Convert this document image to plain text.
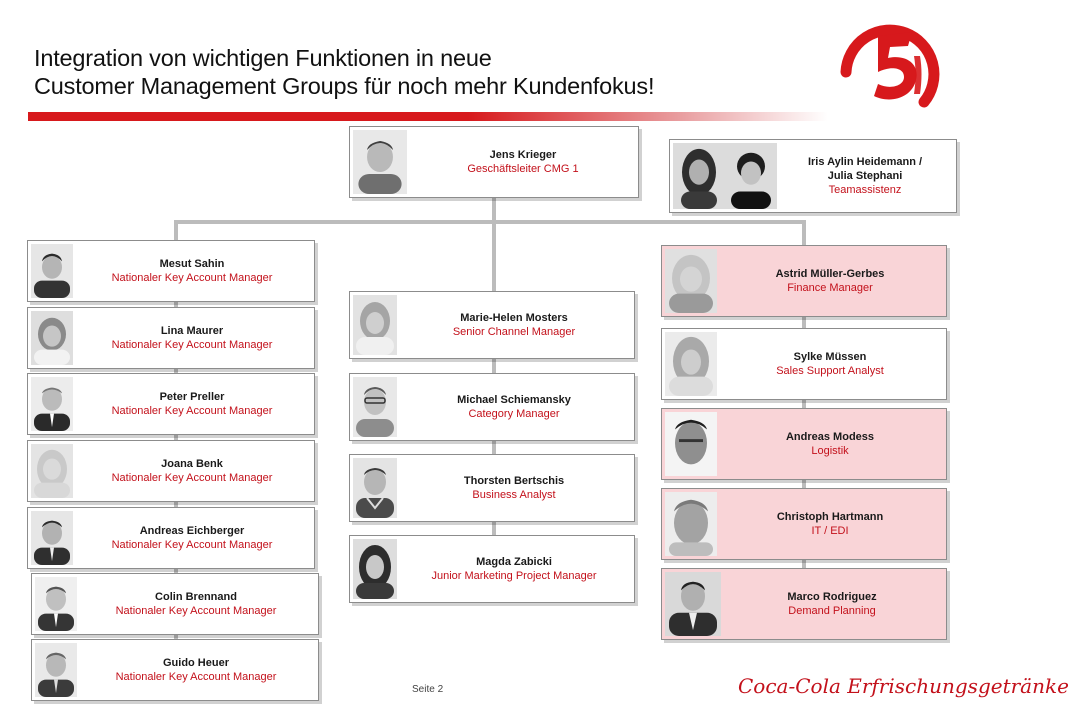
Integration von wichtigen Funktionen in neue
Customer Management Groups für noch mehr Kundenfokus!
Jens Krieger
Geschäftsleiter CMG 1
Iris Aylin Heidemann /
Julia Stephani
Teamassistenz
Mesut Sahin
Nationaler Key Account Manager
Lina Maurer
Nationaler Key Account Manager
Peter Preller
Nationaler Key Account Manager
Joana Benk
Nationaler Key Account Manager
Andreas Eichberger
Nationaler Key Account Manager
Colin Brennand
Nationaler Key Account Manager
Guido Heuer
Nationaler Key Account Manager
Marie-Helen Mosters
Senior Channel Manager
Michael Schiemansky
Category Manager
Thorsten Bertschis
Business Analyst
Magda Zabicki
Junior Marketing Project Manager
Astrid Müller-Gerbes
Finance Manager
Sylke Müssen
Sales Support Analyst
Andreas Modess
Logistik
Christoph Hartmann
IT / EDI
Marco Rodriguez
Demand Planning
Seite 2	Coca-Cola Erfrischungsgetränke
